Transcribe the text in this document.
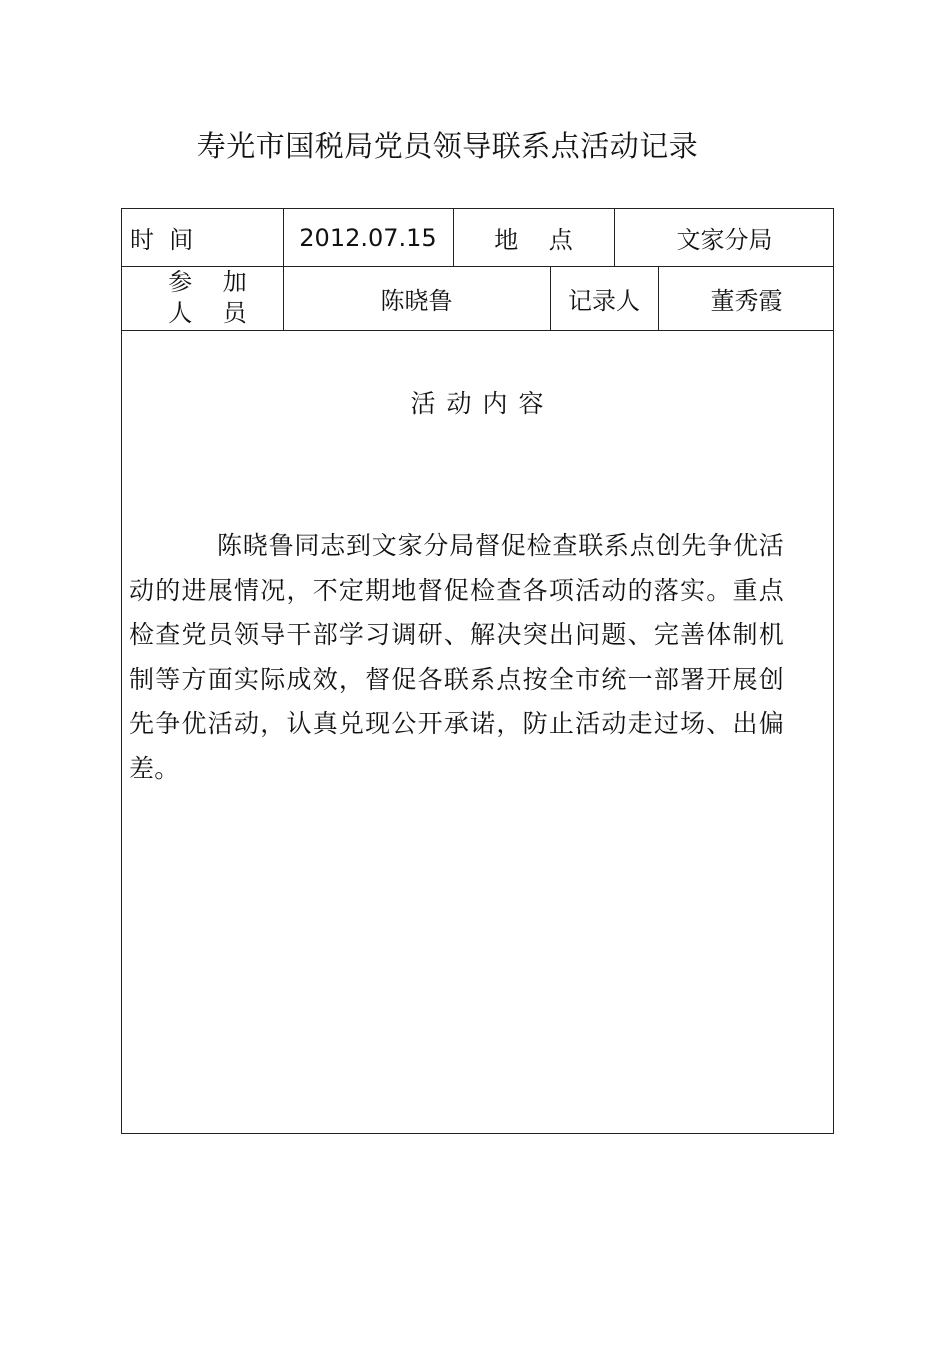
寿光市国税局党员领导联系点活动记录
时  间	2012.07.15	地    点	文家分局
参    加
人    员	陈晓鲁	记录人	董秀霞
活动内容
陈晓鲁同志到文家分局督促检查联系点创先争优活动的进展情况，不定期地督促检查各项活动的落实。重点检查党员领导干部学习调研、解决突出问题、完善体制机制等方面实际成效，督促各联系点按全市统一部署开展创先争优活动，认真兑现公开承诺，防止活动走过场、出偏差。
